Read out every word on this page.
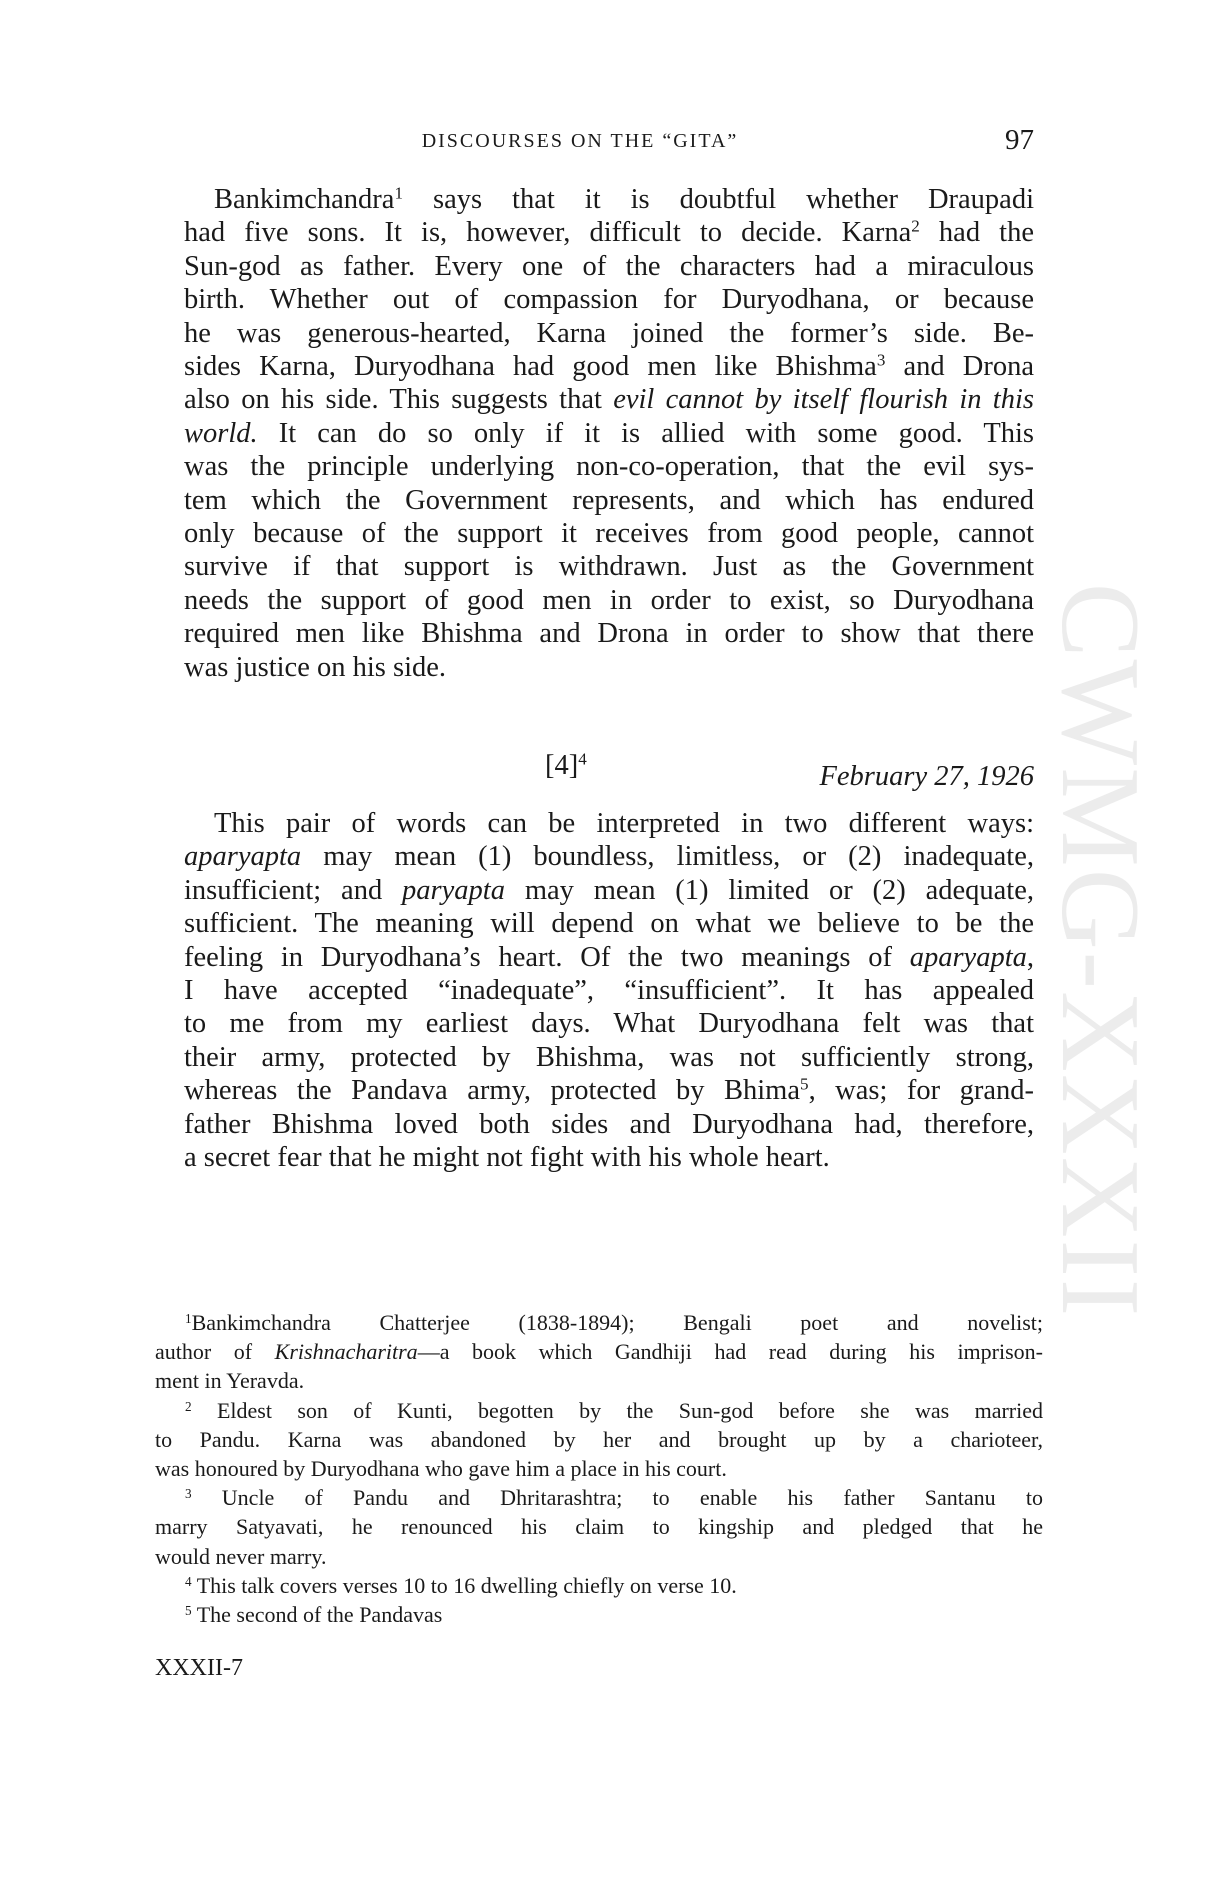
DISCOURSES ON THE “GITA”	97
CWMG-XXXII
Bankimchandra$^1$ says that it is doubtful whether Draupadi
had five sons. It is, however, difficult to decide. Karna$^2$ had the
Sun-god as father. Every one of the characters had a miraculous
birth. Whether out of compassion for Duryodhana, or because
he was generous-hearted, Karna joined the former’s side. Be-
sides Karna, Duryodhana had good men like Bhishma$^3$ and Drona
also on his side. This suggests that evil cannot by itself flourish in this
world. It can do so only if it is allied with some good. This
was the principle underlying non-co-operation, that the evil sys-
tem which the Government represents, and which has endured
only because of the support it receives from good people, cannot
survive if that support is withdrawn. Just as the Government
needs the support of good men in order to exist, so Duryodhana
required men like Bhishma and Drona in order to show that there
was justice on his side.
$[4]^4$
February 27, 1926
This pair of words can be interpreted in two different ways:
aparyapta may mean (1) boundless, limitless, or (2) inadequate,
insufficient; and paryapta may mean (1) limited or (2) adequate,
sufficient. The meaning will depend on what we believe to be the
feeling in Duryodhana’s heart. Of the two meanings of aparyapta,
I have accepted “inadequate”, “insufficient”. It has appealed
to me from my earliest days. What Duryodhana felt was that
their army, protected by Bhishma, was not sufficiently strong,
whereas the Pandava army, protected by Bhima$^5$, was; for grand-
father Bhishma loved both sides and Duryodhana had, therefore,
a secret fear that he might not fight with his whole heart.
$^1$Bankimchandra Chatterjee (1838-1894); Bengali poet and novelist;
author of Krishnacharitra—a book which Gandhiji had read during his imprison-
ment in Yeravda.
$^2$ Eldest son of Kunti, begotten by the Sun-god before she was married
to Pandu. Karna was abandoned by her and brought up by a charioteer,
was honoured by Duryodhana who gave him a place in his court.
$^3$ Uncle of Pandu and Dhritarashtra; to enable his father Santanu to
marry Satyavati, he renounced his claim to kingship and pledged that he
would never marry.
$^4$ This talk covers verses 10 to 16 dwelling chiefly on verse 10.
$^5$ The second of the Pandavas
XXXII-7
